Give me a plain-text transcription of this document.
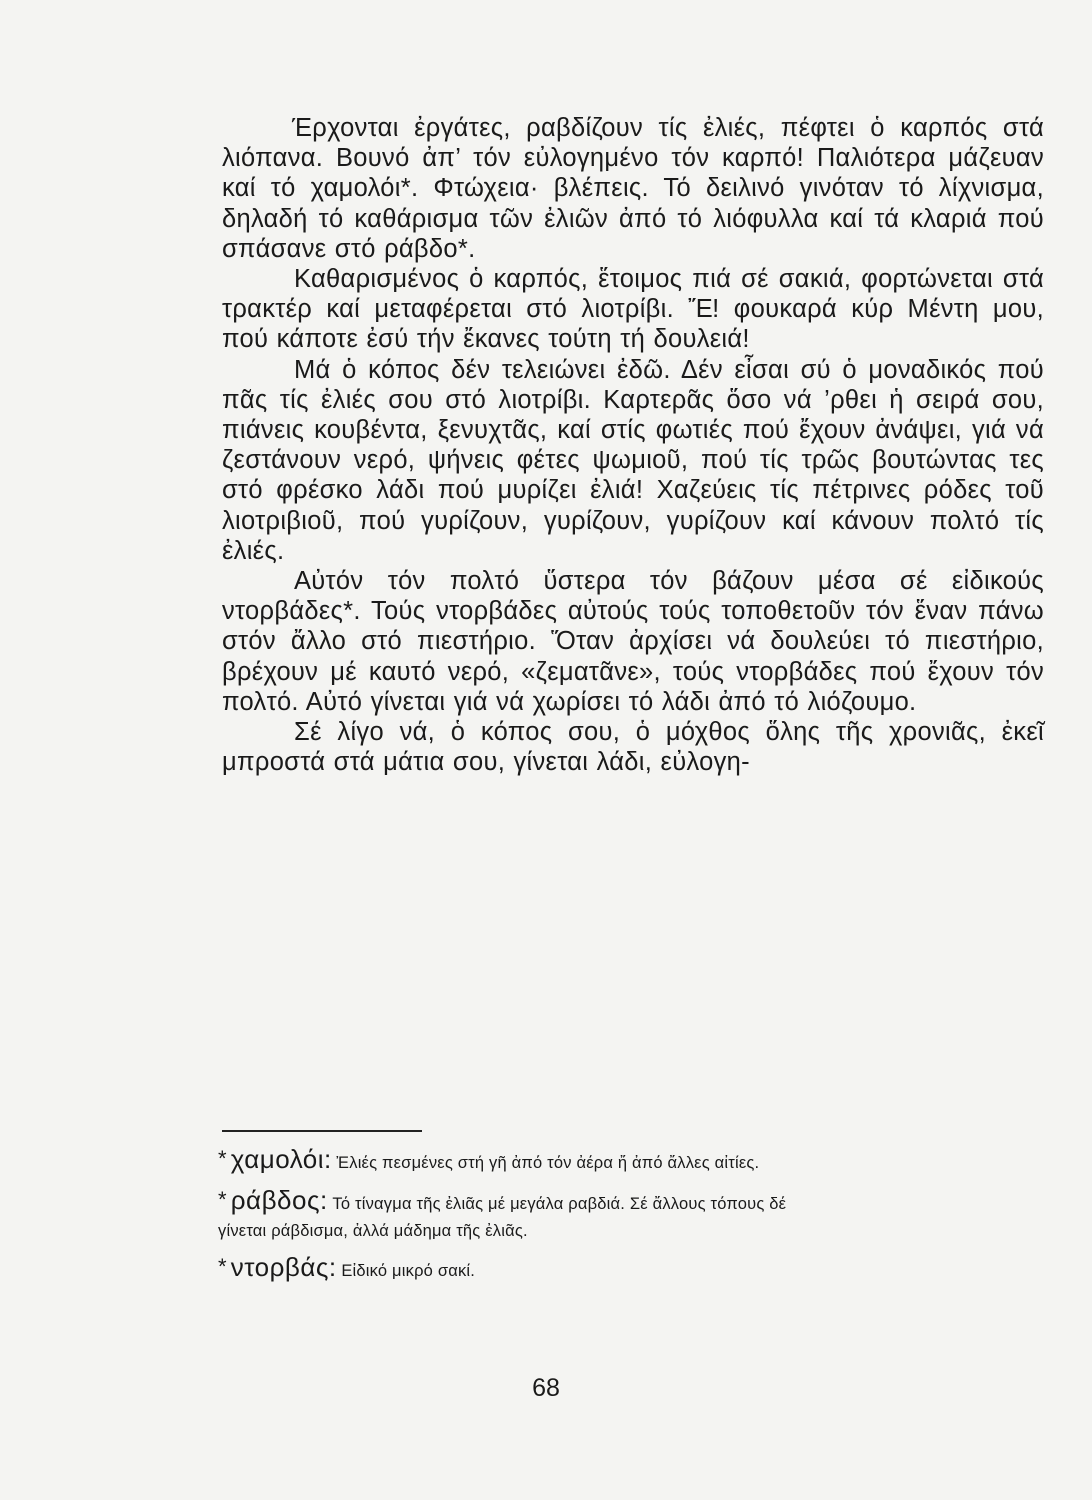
Έρχονται ἐργάτες, ραβδίζουν τίς ἐλιές, πέφτει ὁ καρπός στά λιόπανα. Βουνό ἀπ’ τόν εὐλογημένο τόν καρπό! Παλιότερα μάζευαν καί τό χαμολόι*. Φτώχεια· βλέπεις. Τό δειλινό γινόταν τό λίχνισμα, δηλαδή τό καθάρισμα τῶν ἐλιῶν ἀπό τό λιόφυλλα καί τά κλαριά πού σπάσανε στό ράβδο*.

Καθαρισμένος ὁ καρπός, ἕτοιμος πιά σέ σακιά, φορτώνεται στά τρακτέρ καί μεταφέρεται στό λιοτρίβι. Ἔ! φουκαρά κύρ Μέντη μου, πού κάποτε ἐσύ τήν ἔκανες τούτη τή δουλειά!

Μά ὁ κόπος δέν τελειώνει ἐδῶ. Δέν εἶσαι σύ ὁ μοναδικός πού πᾶς τίς ἐλιές σου στό λιοτρίβι. Καρτερᾶς ὅσο νά ’ρθει ἡ σειρά σου, πιάνεις κουβέντα, ξενυχτᾶς, καί στίς φωτιές πού ἔχουν ἀνάψει, γιά νά ζεστάνουν νερό, ψήνεις φέτες ψωμιοῦ, πού τίς τρῶς βουτώντας τες στό φρέσκο λάδι πού μυρίζει ἐλιά! Χαζεύεις τίς πέτρινες ρόδες τοῦ λιοτριβιοῦ, πού γυρίζουν, γυρίζουν, γυρίζουν καί κάνουν πολτό τίς ἐλιές.

Αὐτόν τόν πολτό ὕστερα τόν βάζουν μέσα σέ εἰδικούς ντορβάδες*. Τούς ντορβάδες αὐτούς τούς τοποθετοῦν τόν ἕναν πάνω στόν ἄλλο στό πιεστήριο. Ὅταν ἀρχίσει νά δουλεύει τό πιεστήριο, βρέχουν μέ καυτό νερό, «ζεματᾶνε», τούς ντορβάδες πού ἔχουν τόν πολτό. Αὐτό γίνεται γιά νά χωρίσει τό λάδι ἀπό τό λιόζουμο.

Σέ λίγο νά, ὁ κόπος σου, ὁ μόχθος ὅλης τῆς χρονιᾶς, ἐκεῖ μπροστά στά μάτια σου, γίνεται λάδι, εὐλογη-

* χαμολόι: Ἐλιές πεσμένες στή γῆ ἀπό τόν ἀέρα ἤ ἀπό ἄλλες αἰτίες.

* ράβδος: Τό τίναγμα τῆς ἐλιᾶς μέ μεγάλα ραβδιά. Σέ ἄλλους τόπους δέ
γίνεται ράβδισμα, ἀλλά μάδημα τῆς ἐλιᾶς.

* ντορβάς: Εἰδικό μικρό σακί.

68
